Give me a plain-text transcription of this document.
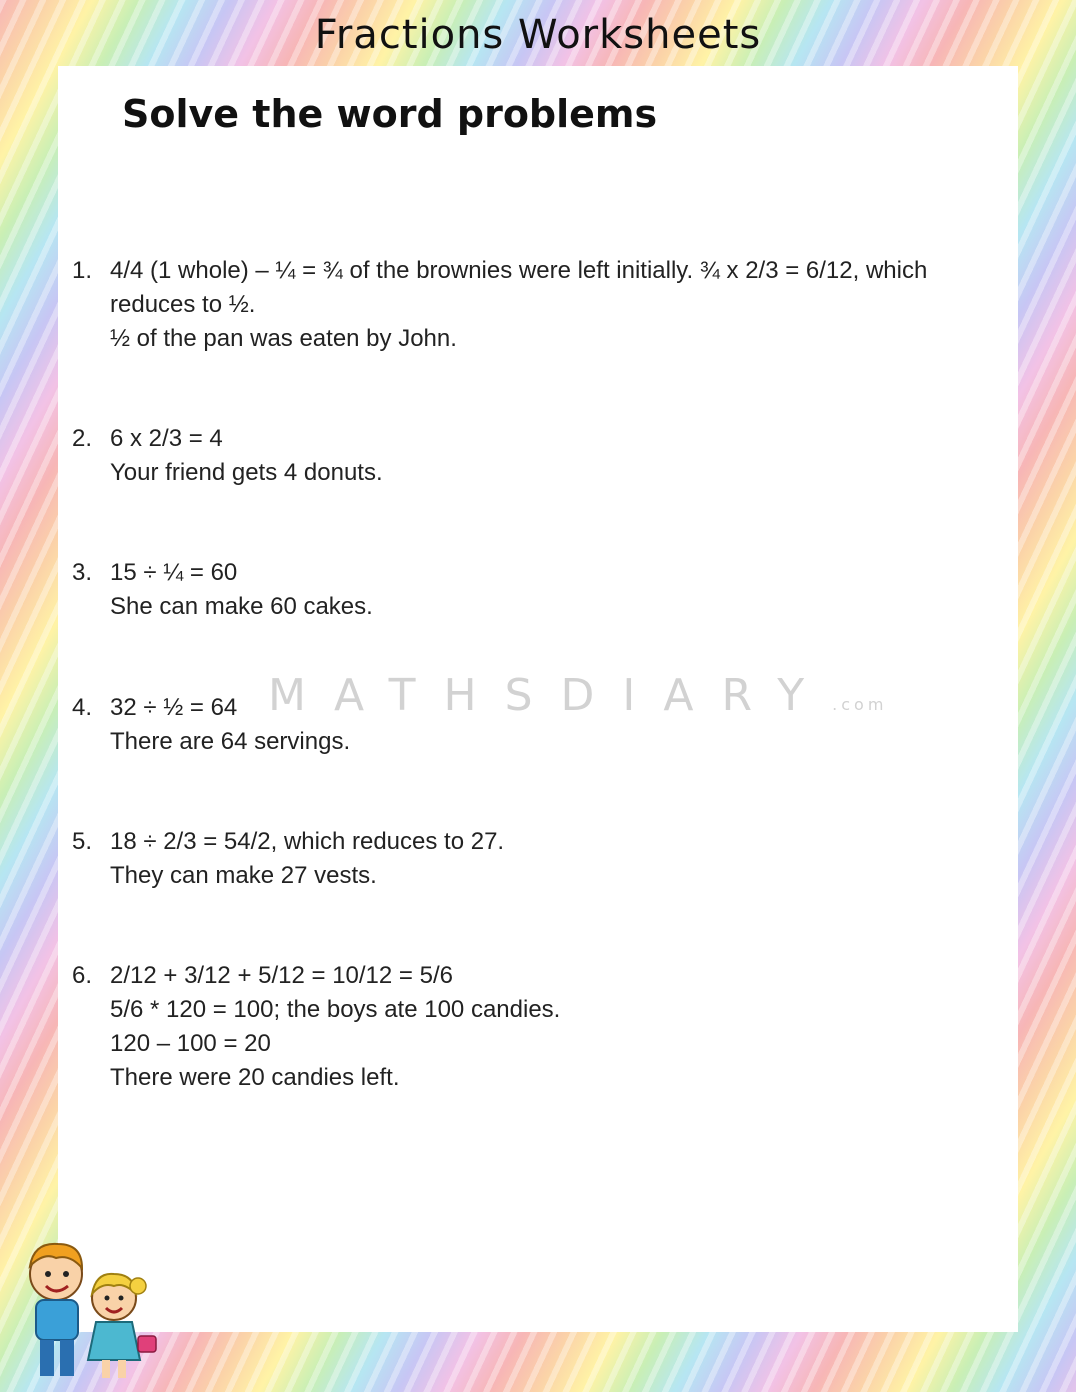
Fractions Worksheets
Solve the word problems
1. 4/4 (1 whole) – ¼ = ¾ of the brownies were left initially. ¾ x 2/3 = 6/12, which
reduces to ½.
½ of the pan was eaten by John.
2. 6 x 2/3 = 4
Your friend gets 4 donuts.
3. 15 ÷ ¼ = 60
She can make 60 cakes.
4. 32 ÷ ½ = 64
There are 64 servings.
5. 18 ÷ 2/3 = 54/2, which reduces to 27.
They can make 27 vests.
6. 2/12 + 3/12 + 5/12 = 10/12 = 5/6
5/6 * 120 = 100; the boys ate 100 candies.
120 – 100 = 20
There were 20 candies left.
MATHSDIARY.com
